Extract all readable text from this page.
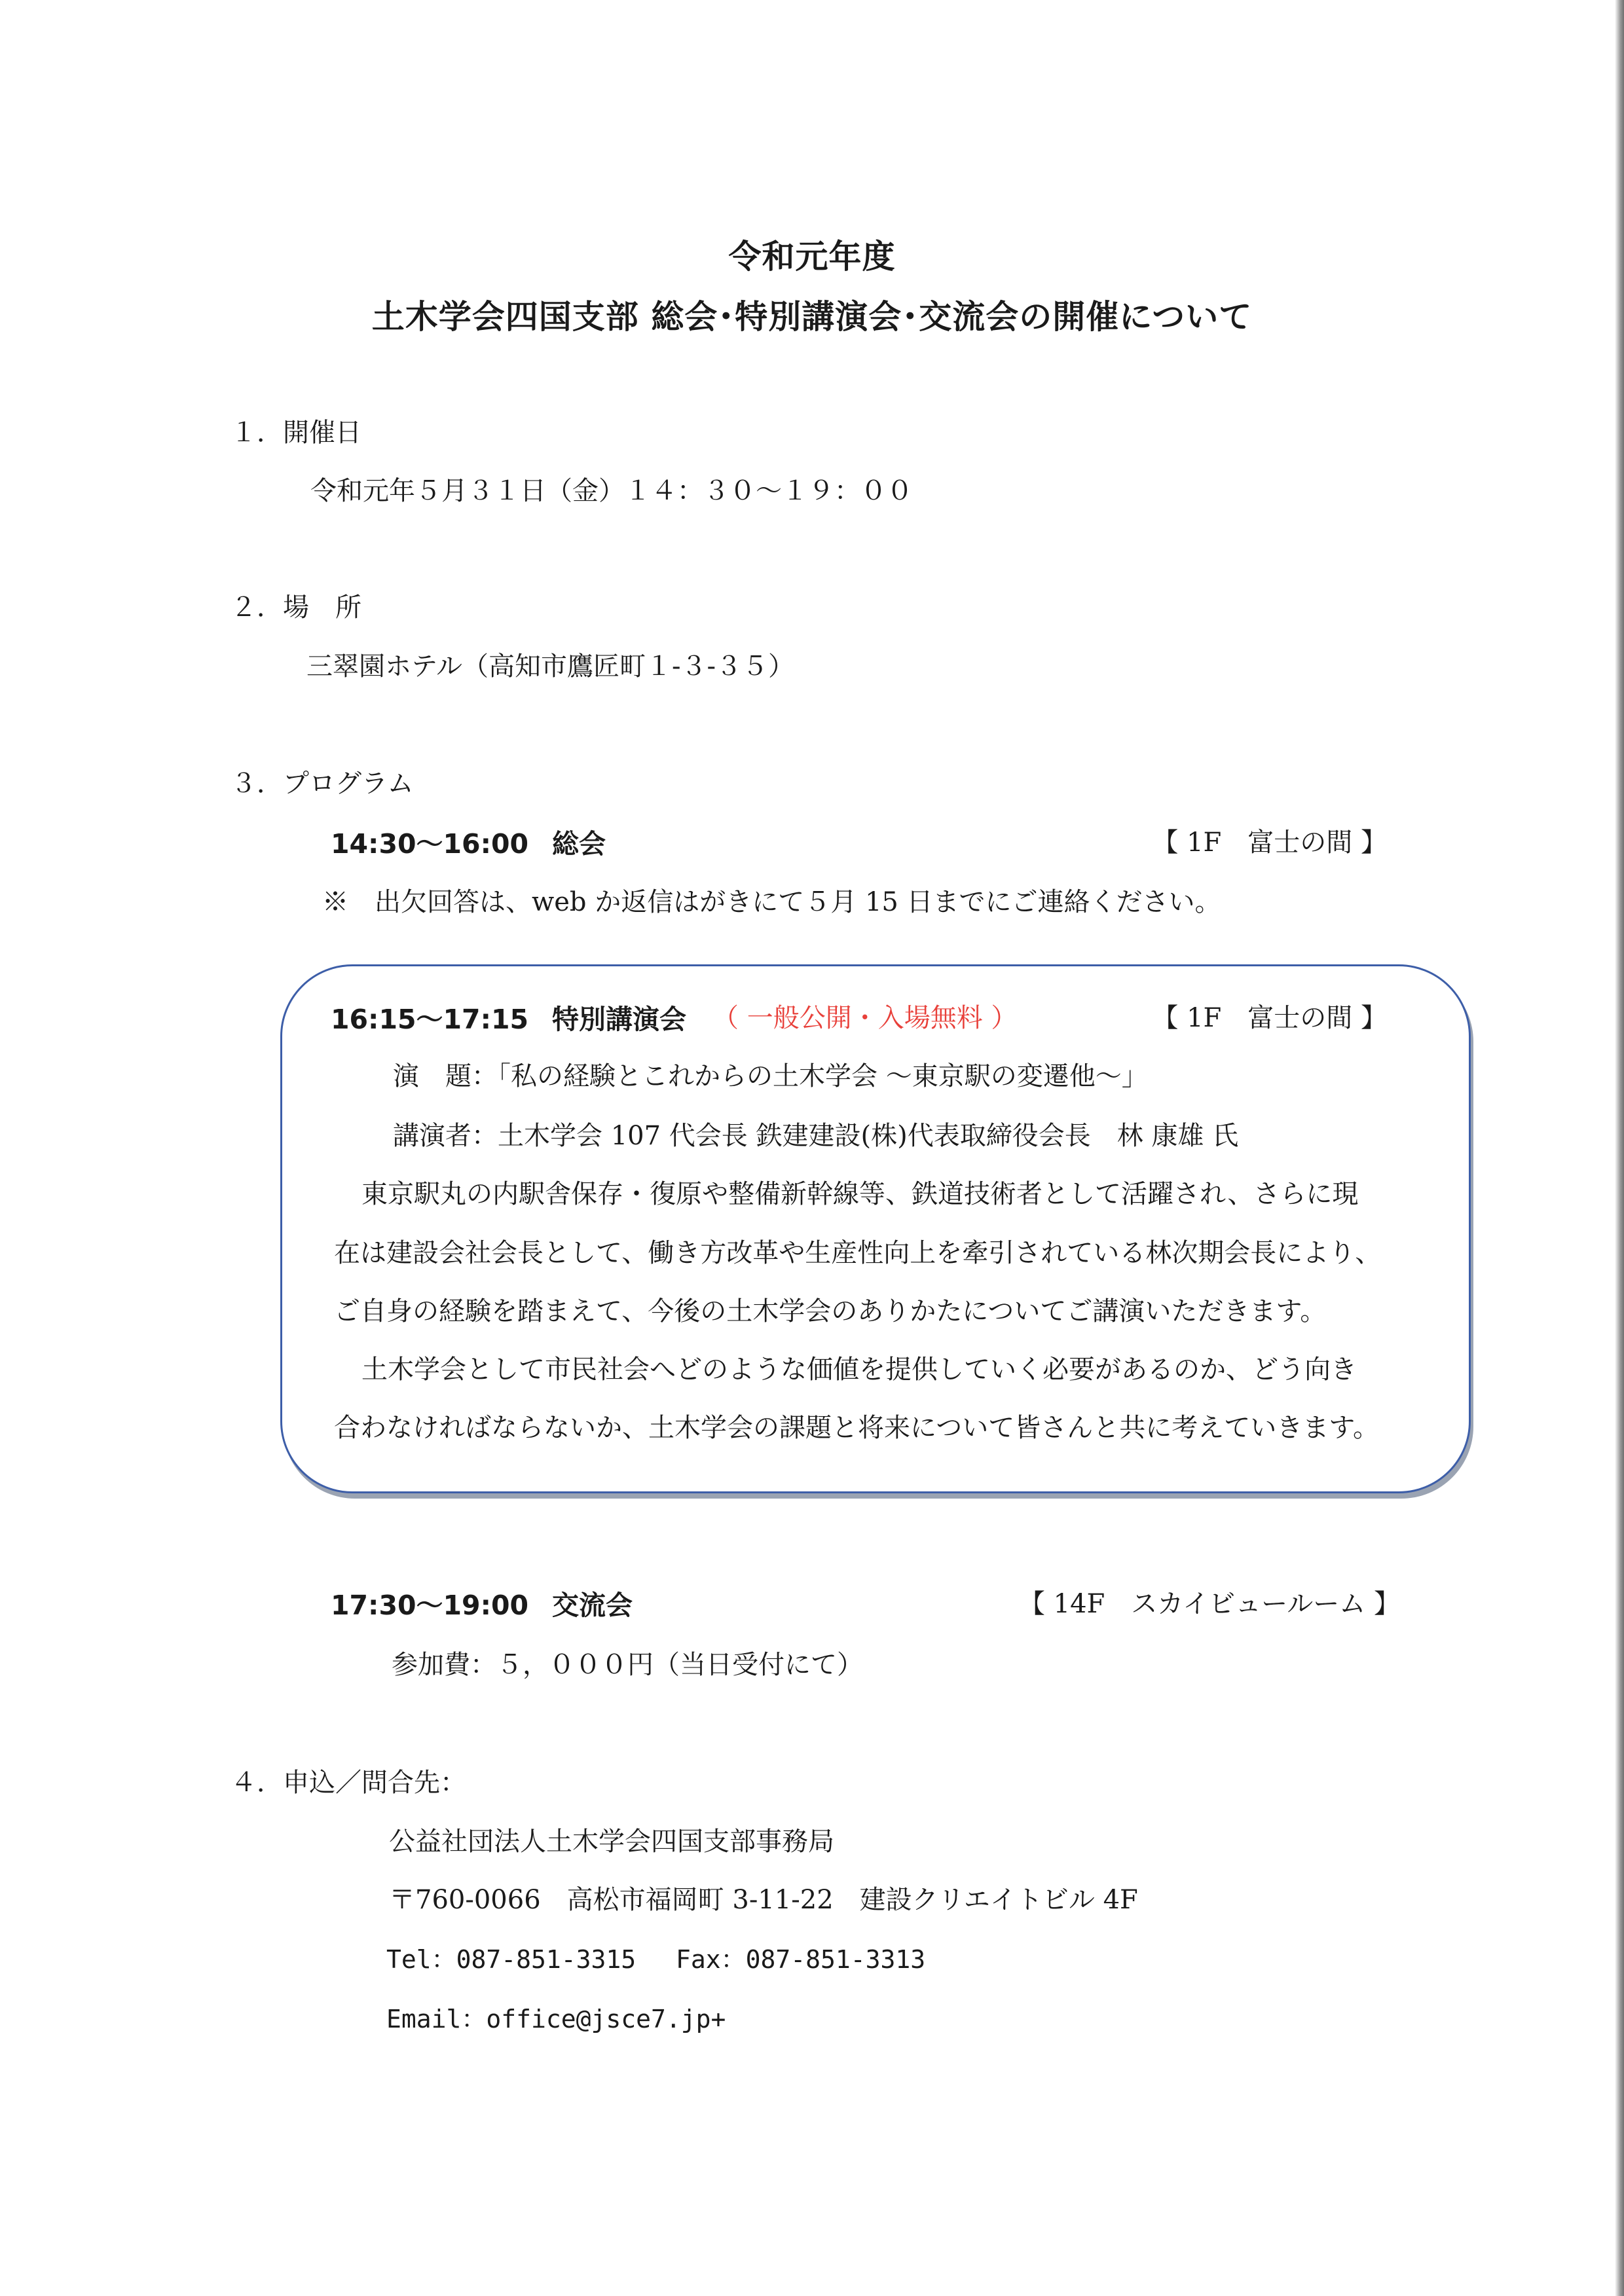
令和元年度
土木学会四国支部 総会･特別講演会･交流会の開催について
１．開催日
令和元年５月３１日（金）１４：３０～１９：００
２．場　所
三翠園ホテル（高知市鷹匠町１-３-３５）
３．プログラム
14:30～16:00 総会	【 1F　富士の間 】
※　出欠回答は、web か返信はがきにて５月 15 日までにご連絡ください。
16:15～17:15 特別講演会 （ 一般公開・入場無料 ）	【 1F　富士の間 】
演　題：｢私の経験とこれからの土木学会 ～東京駅の変遷他～｣
講演者：土木学会 107 代会長 鉄建建設(株)代表取締役会長　林 康雄 氏
東京駅丸の内駅舎保存・復原や整備新幹線等、鉄道技術者として活躍され、さらに現
在は建設会社会長として、働き方改革や生産性向上を牽引されている林次期会長により、
ご自身の経験を踏まえて、今後の土木学会のありかたについてご講演いただきます。
土木学会として市民社会へどのような価値を提供していく必要があるのか、どう向き
合わなければならないか、土木学会の課題と将来について皆さんと共に考えていきます。
17:30～19:00 交流会	【 14F　スカイビュールーム 】
参加費：５，０００円（当日受付にて）
４．申込／問合先：
公益社団法人土木学会四国支部事務局
〒760-0066　高松市福岡町 3-11-22　建設クリエイトビル 4F
Tel：087-851-3315 Fax：087-851-3313
Email：office@jsce7.jp+
